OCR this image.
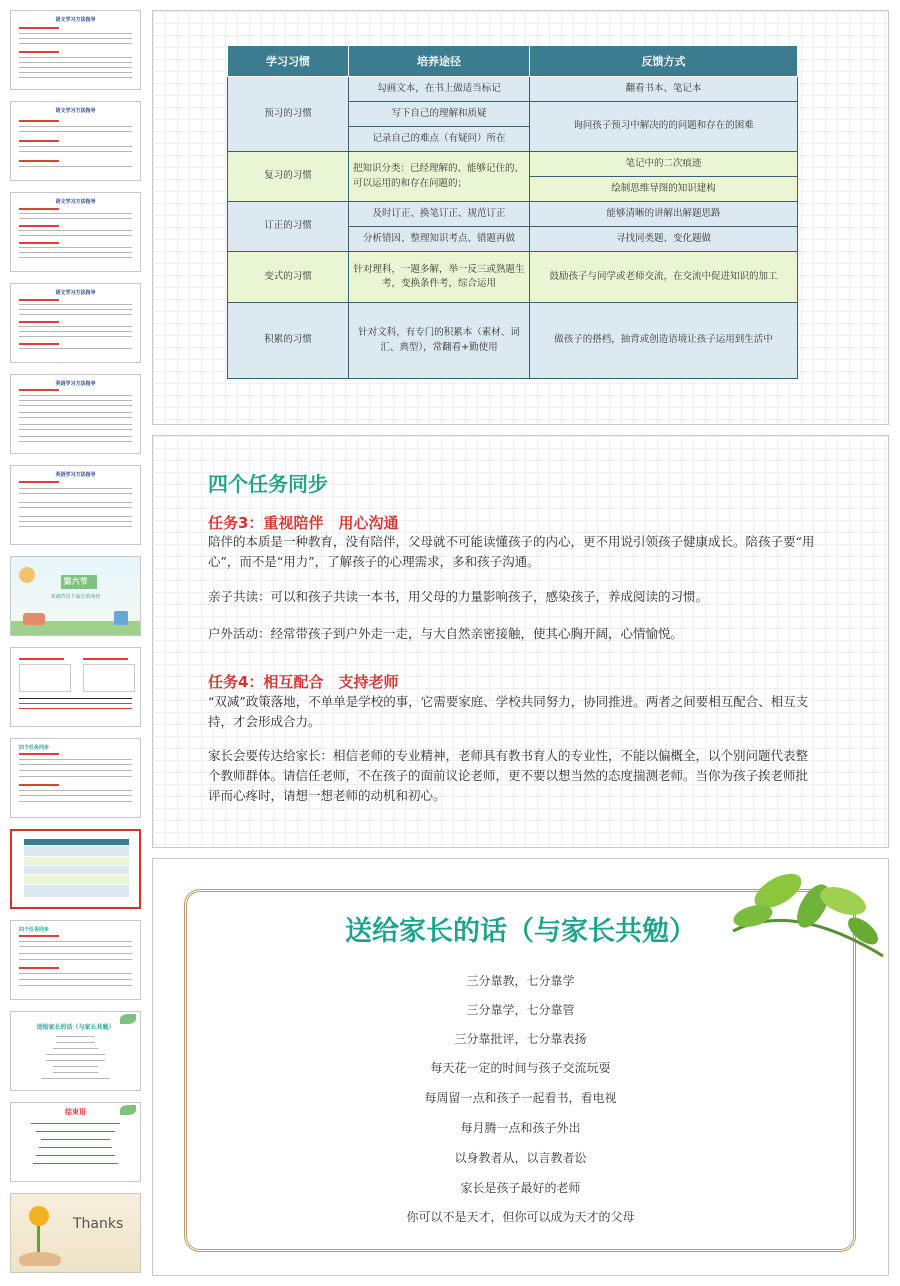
语文学习方法指导
语文学习方法指导
语文学习方法指导
语文学习方法指导
英语学习方法指导
英语学习方法指导
第六节
双减背景下家长的角色
四个任务同步
四个任务同步
送给家长的话（与家长共勉）
结束语
Thanks
学习习惯	培养途径	反馈方式
预习的习惯	勾画文本，在书上做适当标记	翻看书本、笔记本
	写下自己的理解和质疑	询问孩子预习中解决的的问题和存在的困难
	记录自己的难点（有疑问）所在	
复习的习惯	把知识分类：已经理解的、能够记住的、可以运用的和存在问题的；	笔记中的二次痕迹
		绘制思维导图的知识建构
订正的习惯	及时订正、换笔订正、规范订正	能够清晰的讲解出解题思路
	分析错因、整理知识考点、错题再做	寻找同类题、变化题做
变式的习惯	针对理科，一题多解，举一反三或熟题生考，变换条件考，综合运用	鼓励孩子与同学或老师交流，在交流中促进知识的加工
积累的习惯	针对文科，有专门的积累本（素材、词汇、典型），常翻看+勤使用	做孩子的搭档，抽背或创造语境让孩子运用到生活中
四个任务同步
任务3：重视陪伴　用心沟通
陪伴的本质是一种教育，没有陪伴，父母就不可能读懂孩子的内心，更不用说引领孩子健康成长。陪孩子要“用心”，而不是“用力”，了解孩子的心理需求，多和孩子沟通。
亲子共读：可以和孩子共读一本书，用父母的力量影响孩子，感染孩子，养成阅读的习惯。
户外活动：经常带孩子到户外走一走，与大自然亲密接触，使其心胸开阔，心情愉悦。
任务4：相互配合　支持老师
“双减”政策落地，不单单是学校的事，它需要家庭、学校共同努力，协同推进。两者之间要相互配合、相互支持，才会形成合力。
家长会要传达给家长：相信老师的专业精神，老师具有教书育人的专业性，不能以偏概全，以个别问题代表整个教师群体。请信任老师，不在孩子的面前议论老师，更不要以想当然的态度揣测老师。当你为孩子挨老师批评而心疼时，请想一想老师的动机和初心。
送给家长的话（与家长共勉）
三分靠教，七分靠学
三分靠学，七分靠管
三分靠批评，七分靠表扬
每天花一定的时间与孩子交流玩耍
每周留一点和孩子一起看书，看电视
每月腾一点和孩子外出
以身教者从，以言教者讼
家长是孩子最好的老师
你可以不是天才，但你可以成为天才的父母
